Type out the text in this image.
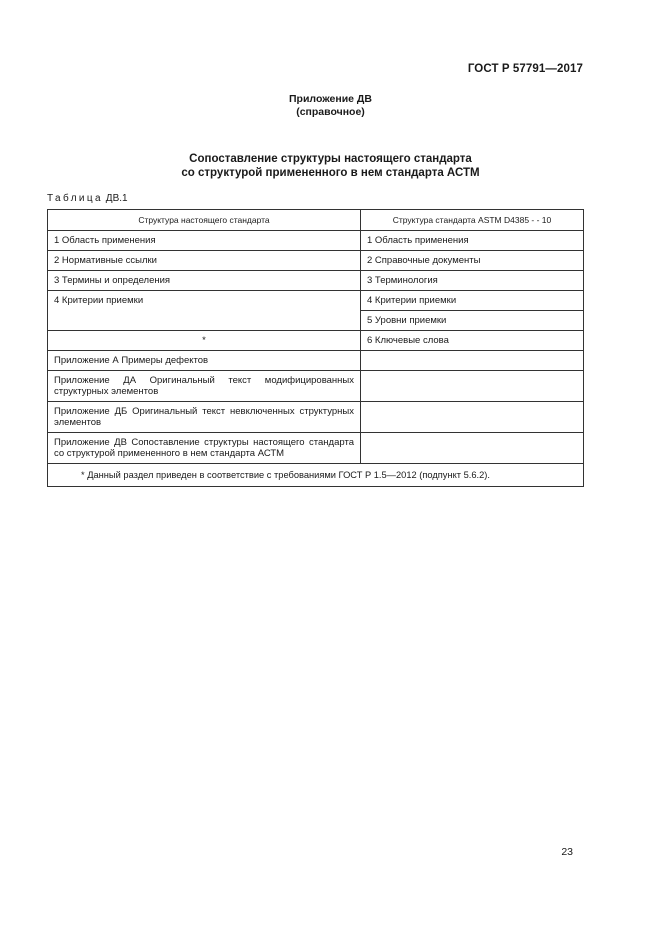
ГОСТ Р 57791—2017
Приложение ДВ
(справочное)
Сопоставление структуры настоящего стандарта
со структурой примененного в нем стандарта АСТМ
Таблица ДВ.1
Структура настоящего стандарта	Структура стандарта ASTM D4385 - - 10
1 Область применения	1 Область применения
2 Нормативные ссылки	2 Справочные документы
3 Термины и определения	3 Терминология
4 Критерии приемки	4 Критерии приемки
	5 Уровни приемки
*	6 Ключевые слова
Приложение А Примеры дефектов	
Приложение ДА Оригинальный текст модифицированных структурных элементов	
Приложение ДБ Оригинальный текст невключенных структурных элементов	
Приложение ДВ Сопоставление структуры настоящего стандарта со структурой примененного в нем стандарта АСТМ	
* Данный раздел приведен в соответствие с требованиями ГОСТ Р 1.5—2012 (подпункт 5.6.2).	
23
